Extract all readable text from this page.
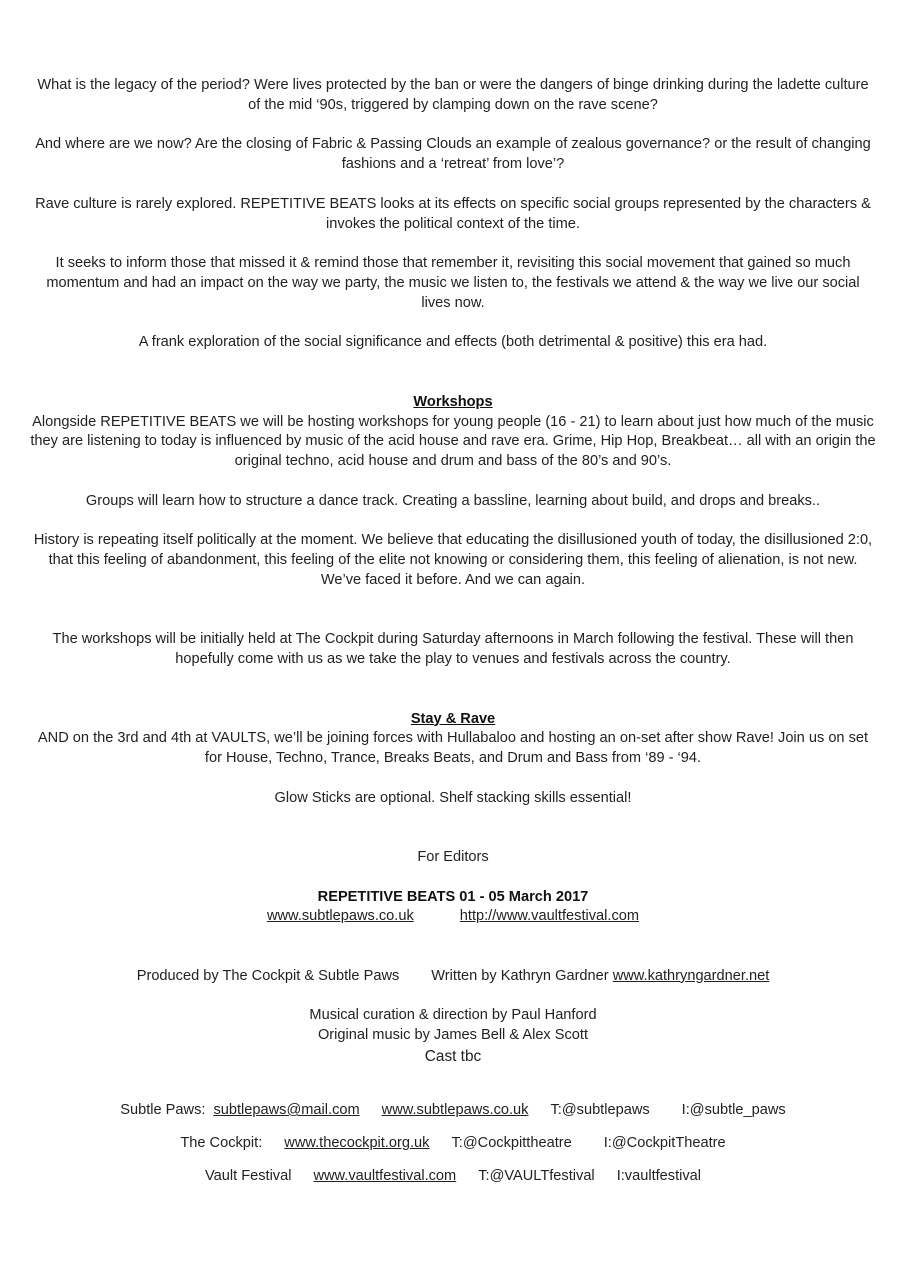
What is the legacy of the period? Were lives protected by the ban or were the dangers of binge drinking during the ladette culture of the mid ‘90s, triggered by clamping down on the rave scene?

And where are we now? Are the closing of Fabric & Passing Clouds an example of zealous governance? or the result of changing fashions and a ‘retreat’ from love’?

Rave culture is rarely explored. REPETITIVE BEATS looks at its effects on specific social groups represented by the characters & invokes the political context of the time.

It seeks to inform those that missed it & remind those that remember it, revisiting this social movement that gained so much momentum and had an impact on the way we party, the music we listen to, the festivals we attend & the way we live our social lives now.

A frank exploration of the social significance and effects (both detrimental & positive) this era had.

Workshops

Alongside REPETITIVE BEATS we will be hosting workshops for young people (16 - 21) to learn about just how much of the music they are listening to today is influenced by music of the acid house and rave era. Grime, Hip Hop, Breakbeat… all with an origin the original techno, acid house and drum and bass of the 80’s and 90’s.

Groups will learn how to structure a dance track. Creating a bassline, learning about build, and drops and breaks..

History is repeating itself politically at the moment. We believe that educating the disillusioned youth of today, the disillusioned 2:0, that this feeling of abandonment, this feeling of the elite not knowing or considering them, this feeling of alienation, is not new. We’ve faced it before. And we can again.

The workshops will be initially held at The Cockpit during Saturday afternoons in March following the festival. These will then hopefully come with us as we take the play to venues and festivals across the country.

Stay & Rave

AND on the 3rd and 4th at VAULTS, we’ll be joining forces with Hullabaloo and hosting an on-set after show Rave! Join us on set for House, Techno, Trance, Breaks Beats, and Drum and Bass from ‘89 - ‘94.

Glow Sticks are optional. Shelf stacking skills essential!

For Editors

REPETITIVE BEATS 01 - 05 March 2017

www.subtlepaws.co.uk	http://www.vaultfestival.com

Produced by The Cockpit & Subtle Paws Written by Kathryn Gardner www.kathryngardner.net

Musical curation & direction by Paul Hanford

Original music by James Bell & Alex Scott

Cast tbc

Subtle Paws: subtlepaws@mail.com www.subtlepaws.co.uk T:@subtlepaws I:@subtle_paws

The Cockpit: www.thecockpit.org.uk T:@Cockpittheatre I:@CockpitTheatre

Vault Festival www.vaultfestival.com T:@VAULTfestival I:vaultfestival
